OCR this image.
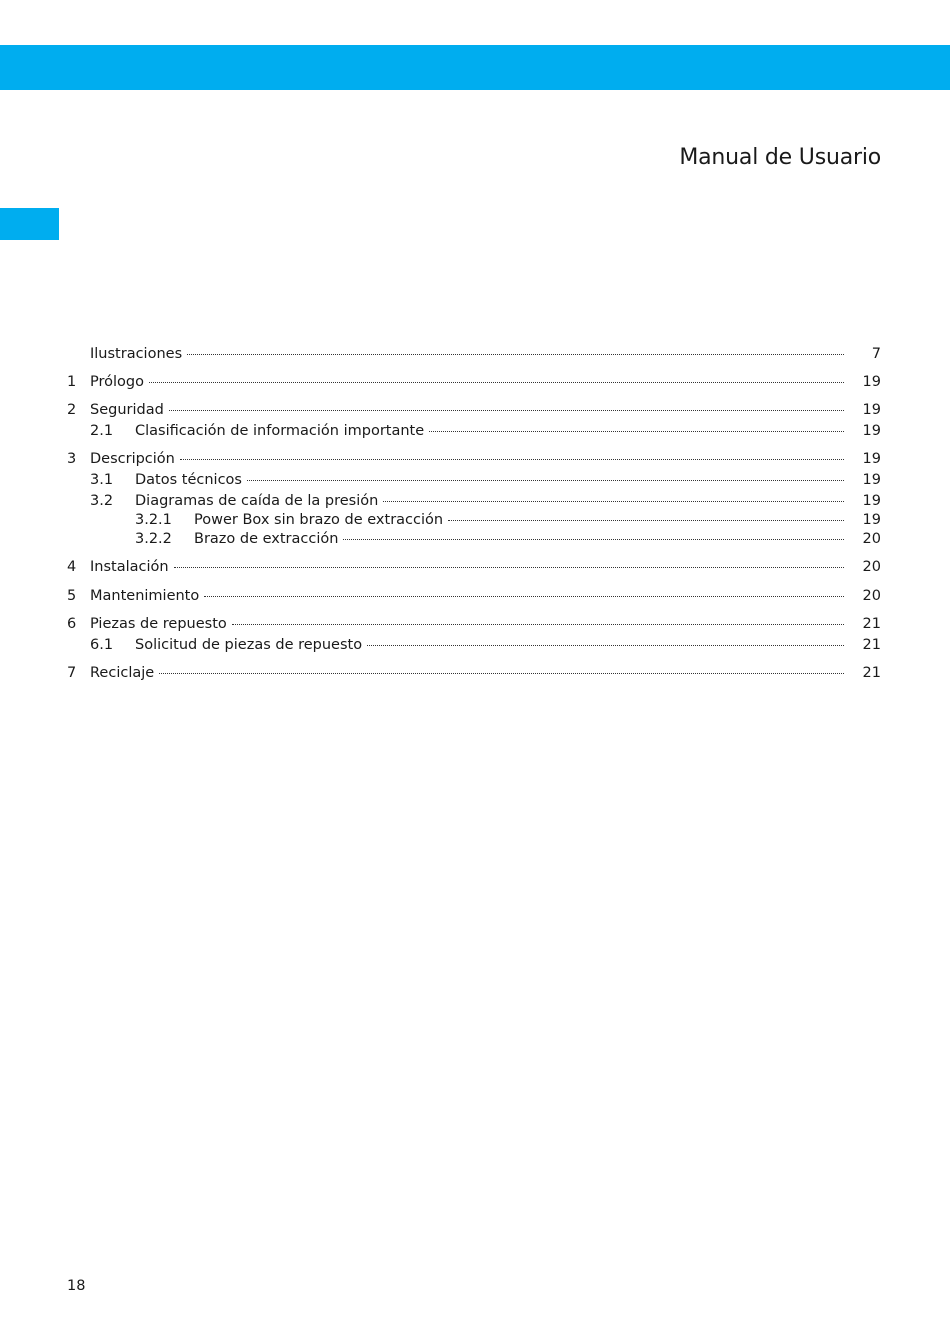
Manual de Usuario
Ilustraciones	7
1 Prólogo	19
2 Seguridad	19
2.1 Clasificación de información importante	19
3 Descripción	19
3.1 Datos técnicos	19
3.2 Diagramas de caída de la presión	19
3.2.1 Power Box sin brazo de extracción	19
3.2.2 Brazo de extracción	20
4 Instalación	20
5 Mantenimiento	20
6 Piezas de repuesto	21
6.1 Solicitud de piezas de repuesto	21
7 Reciclaje	21
18
